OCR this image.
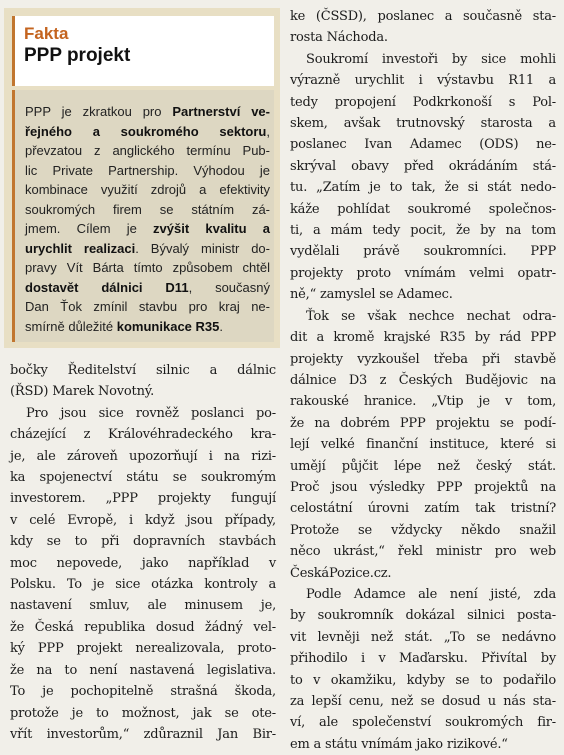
Fakta

PPP projekt

PPP je zkratkou pro Partnerství ve-
řejného a soukromého sektoru,
převzatou z anglického termínu Pub-
lic Private Partnership. Výhodou je
kombinace využití zdrojů a efektivity
soukromých firem se státním zá-
jmem. Cílem je zvýšit kvalitu a
urychlit realizaci. Bývalý ministr do-
pravy Vít Bárta tímto způsobem chtěl
dostavět dálnici D11, současný
Dan Ťok zmínil stavbu pro kraj ne-
smírně důležité komunikace R35.
bočky Ředitelství silnic a dálnic
(ŘSD) Marek Novotný.
Pro jsou sice rovněž poslanci po-
cházející z Královéhradeckého kra-
je, ale zároveň upozorňují i na rizi-
ka spojenectví státu se soukromým
investorem. „PPP projekty fungují
v celé Evropě, i když jsou případy,
kdy se to při dopravních stavbách
moc nepovede, jako například v
Polsku. To je sice otázka kontroly a
nastavení smluv, ale minusem je,
že Česká republika dosud žádný vel-
ký PPP projekt nerealizovala, proto-
že na to není nastavená legislativa.
To je pochopitelně strašná škoda,
protože je to možnost, jak se ote-
vřít investorům,“ zdůraznil Jan Bir-
ke (ČSSD), poslanec a současně sta-
rosta Náchoda.
Soukromí investoři by sice mohli
výrazně urychlit i výstavbu R11 a
tedy propojení Podkrkonoší s Pol-
skem, avšak trutnovský starosta a
poslanec Ivan Adamec (ODS) ne-
skrýval obavy před okrádáním stá-
tu. „Zatím je to tak, že si stát nedo-
káže pohlídat soukromé společnos-
ti, a mám tedy pocit, že by na tom
vydělali právě soukromníci. PPP
projekty proto vnímám velmi opatr-
ně,“ zamyslel se Adamec.
Ťok se však nechce nechat odra-
dit a kromě krajské R35 by rád PPP
projekty vyzkoušel třeba při stavbě
dálnice D3 z Českých Budějovic na
rakouské hranice. „Vtip je v tom,
že na dobrém PPP projektu se podí-
lejí velké finanční instituce, které si
umějí půjčit lépe než český stát.
Proč jsou výsledky PPP projektů na
celostátní úrovni zatím tak tristní?
Protože se vždycky někdo snažil
něco ukrást,“ řekl ministr pro web
ČeskáPozice.cz.
Podle Adamce ale není jisté, zda
by soukromník dokázal silnici posta-
vit levněji než stát. „To se nedávno
přihodilo i v Maďarsku. Přivítal by
to v okamžiku, kdyby se to podařilo
za lepší cenu, než se dosud u nás sta-
ví, ale společenství soukromých fir-
em a státu vnímám jako rizikové.“
